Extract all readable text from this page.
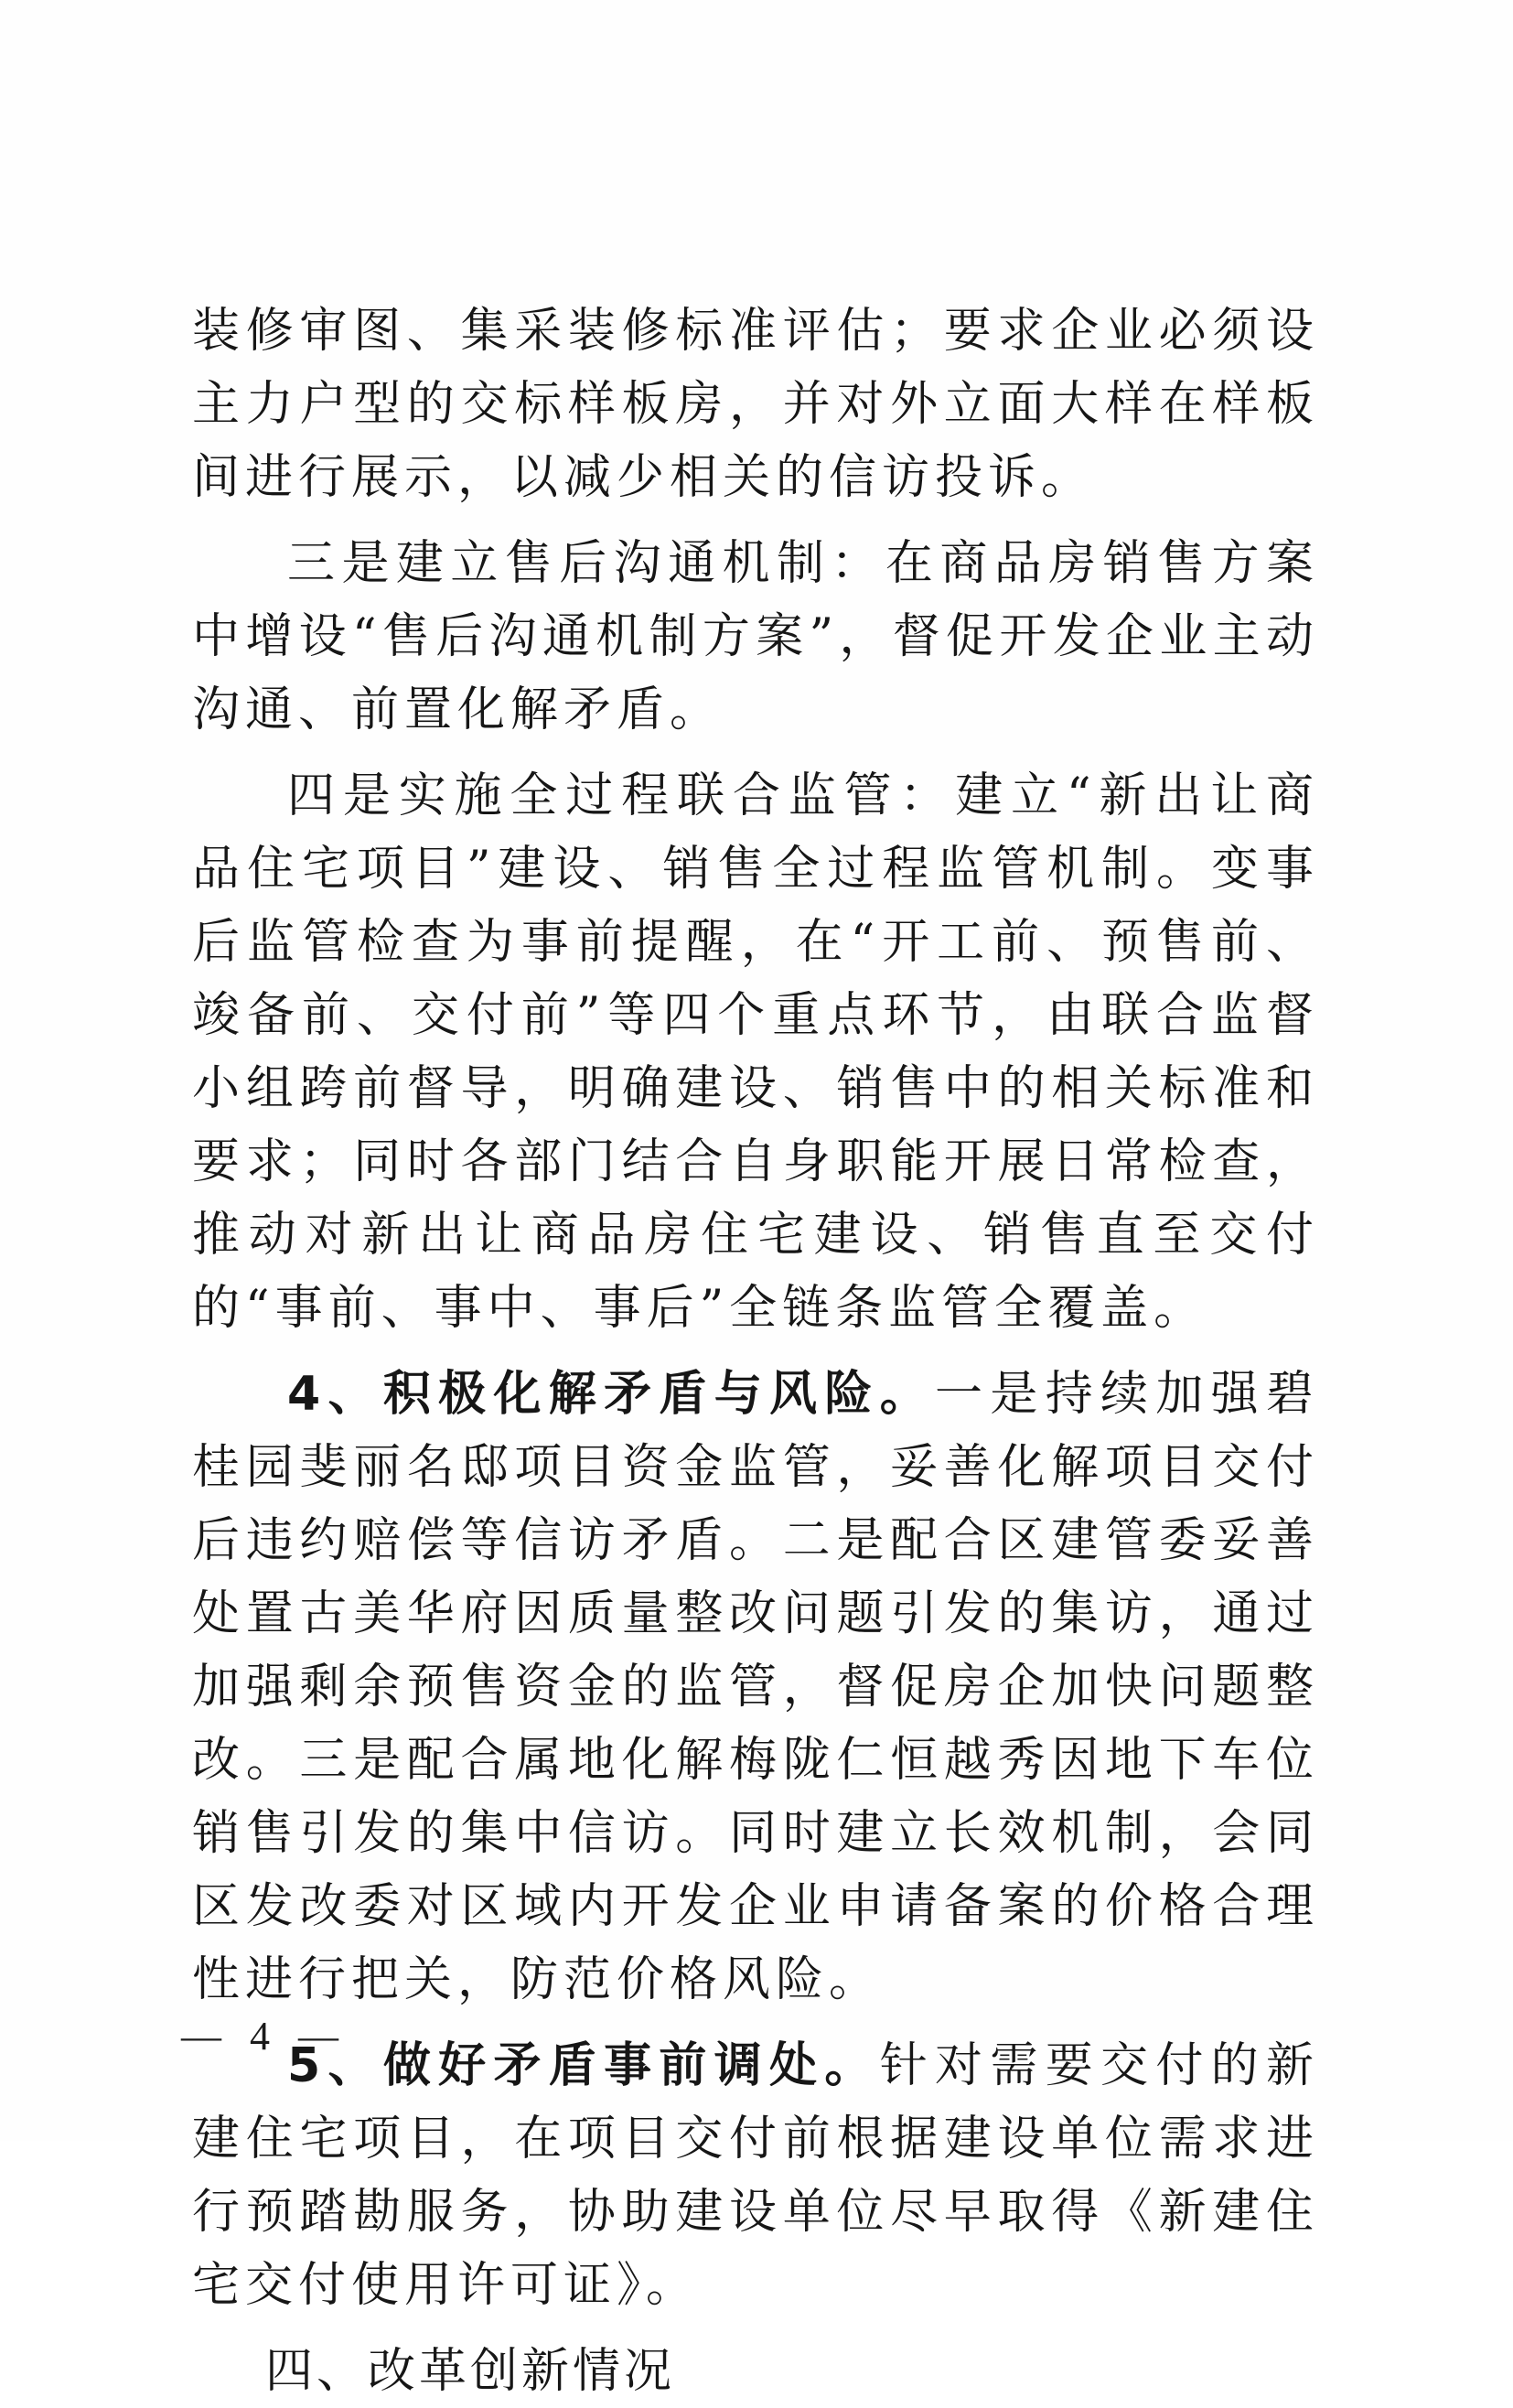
装修审图、集采装修标准评估；要求企业必须设主力户型的交标样板房，并对外立面大样在样板间进行展示，以减少相关的信访投诉。

三是建立售后沟通机制：在商品房销售方案中增设“售后沟通机制方案”，督促开发企业主动沟通、前置化解矛盾。

四是实施全过程联合监管：建立“新出让商品住宅项目”建设、销售全过程监管机制。变事后监管检查为事前提醒，在“开工前、预售前、竣备前、交付前”等四个重点环节，由联合监督小组跨前督导，明确建设、销售中的相关标准和要求；同时各部门结合自身职能开展日常检查，推动对新出让商品房住宅建设、销售直至交付的“事前、事中、事后”全链条监管全覆盖。

4、积极化解矛盾与风险。一是持续加强碧桂园斐丽名邸项目资金监管，妥善化解项目交付后违约赔偿等信访矛盾。二是配合区建管委妥善处置古美华府因质量整改问题引发的集访，通过加强剩余预售资金的监管，督促房企加快问题整改。三是配合属地化解梅陇仁恒越秀因地下车位销售引发的集中信访。同时建立长效机制，会同区发改委对区域内开发企业申请备案的价格合理性进行把关，防范价格风险。

5、做好矛盾事前调处。针对需要交付的新建住宅项目，在项目交付前根据建设单位需求进行预踏勘服务，协助建设单位尽早取得《新建住宅交付使用许可证》。

四、改革创新情况

— 4 —
